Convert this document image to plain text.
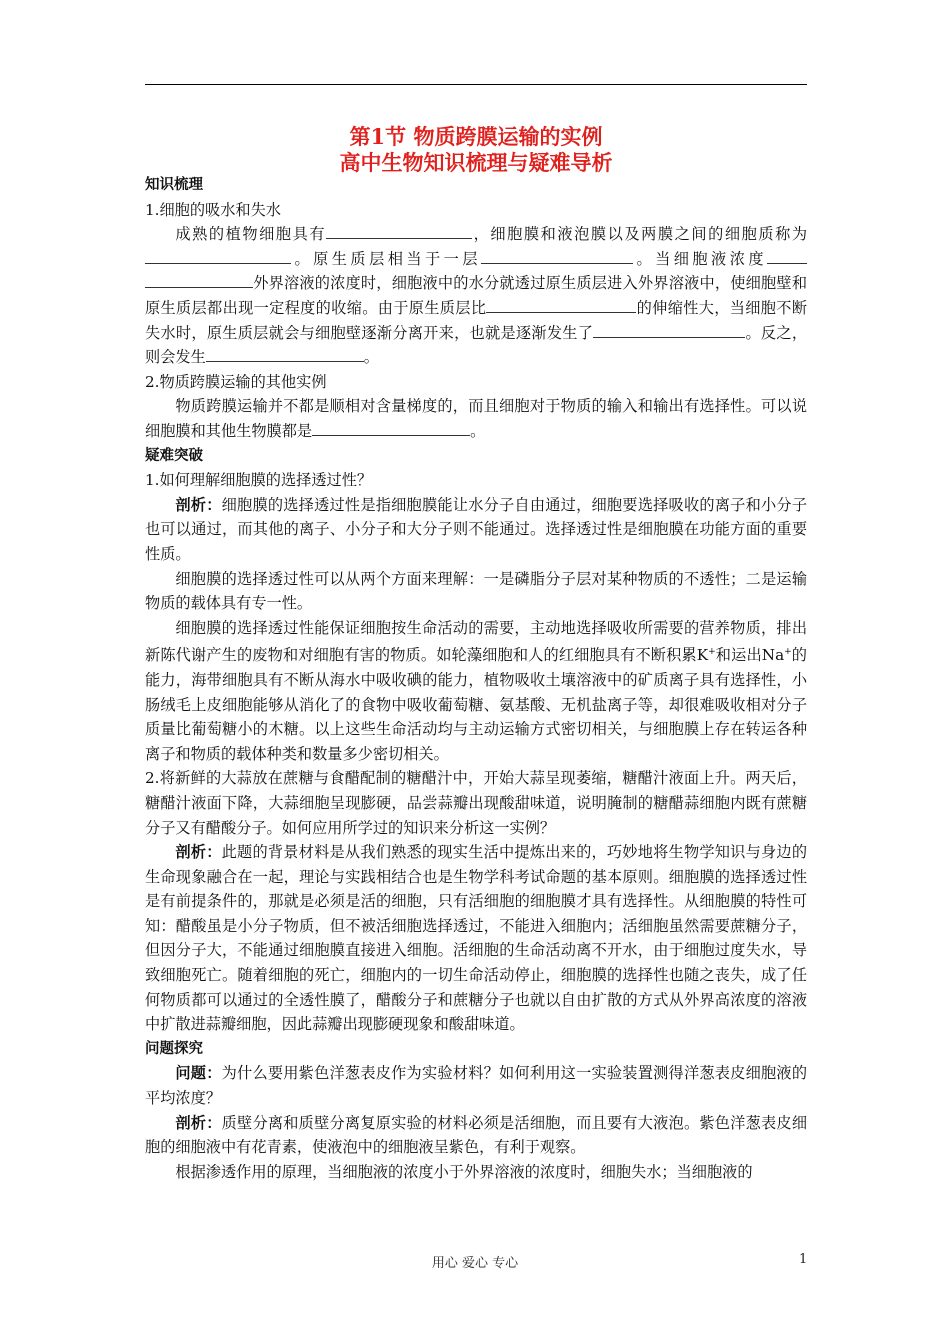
第1节 物质跨膜运输的实例
高中生物知识梳理与疑难导析

知识梳理

1.细胞的吸水和失水

成熟的植物细胞具有	，细胞膜和液泡膜以及两膜之间的细胞质称为。原生质层相当于一层	。当细胞液浓度外界溶液的浓度时，细胞液中的水分就透过原生质层进入外界溶液中，使细胞壁和原生质层都出现一定程度的收缩。由于原生质层比	的伸缩性大，当细胞不断失水时，原生质层就会与细胞壁逐渐分离开来，也就是逐渐发生了	。反之，则会发生	。

2.物质跨膜运输的其他实例

物质跨膜运输并不都是顺相对含量梯度的，而且细胞对于物质的输入和输出有选择性。可以说细胞膜和其他生物膜都是	。

疑难突破

1.如何理解细胞膜的选择透过性？

剖析：细胞膜的选择透过性是指细胞膜能让水分子自由通过，细胞要选择吸收的离子和小分子也可以通过，而其他的离子、小分子和大分子则不能通过。选择透过性是细胞膜在功能方面的重要性质。

细胞膜的选择透过性可以从两个方面来理解：一是磷脂分子层对某种物质的不透性；二是运输物质的载体具有专一性。

细胞膜的选择透过性能保证细胞按生命活动的需要，主动地选择吸收所需要的营养物质，排出新陈代谢产生的废物和对细胞有害的物质。如轮藻细胞和人的红细胞具有不断积累K+和运出Na+的能力，海带细胞具有不断从海水中吸收碘的能力，植物吸收土壤溶液中的矿质离子具有选择性，小肠绒毛上皮细胞能够从消化了的食物中吸收葡萄糖、氨基酸、无机盐离子等，却很难吸收相对分子质量比葡萄糖小的木糖。以上这些生命活动均与主动运输方式密切相关，与细胞膜上存在转运各种离子和物质的载体种类和数量多少密切相关。

2.将新鲜的大蒜放在蔗糖与食醋配制的糖醋汁中，开始大蒜呈现萎缩，糖醋汁液面上升。两天后，糖醋汁液面下降，大蒜细胞呈现膨硬，品尝蒜瓣出现酸甜味道，说明腌制的糖醋蒜细胞内既有蔗糖分子又有醋酸分子。如何应用所学过的知识来分析这一实例？

剖析：此题的背景材料是从我们熟悉的现实生活中提炼出来的，巧妙地将生物学知识与身边的生命现象融合在一起，理论与实践相结合也是生物学科考试命题的基本原则。细胞膜的选择透过性是有前提条件的，那就是必须是活的细胞，只有活细胞的细胞膜才具有选择性。从细胞膜的特性可知：醋酸虽是小分子物质，但不被活细胞选择透过，不能进入细胞内；活细胞虽然需要蔗糖分子，但因分子大，不能通过细胞膜直接进入细胞。活细胞的生命活动离不开水，由于细胞过度失水，导致细胞死亡。随着细胞的死亡，细胞内的一切生命活动停止，细胞膜的选择性也随之丧失，成了任何物质都可以通过的全透性膜了，醋酸分子和蔗糖分子也就以自由扩散的方式从外界高浓度的溶液中扩散进蒜瓣细胞，因此蒜瓣出现膨硬现象和酸甜味道。

问题探究

问题：为什么要用紫色洋葱表皮作为实验材料？如何利用这一实验装置测得洋葱表皮细胞液的平均浓度？

剖析：质壁分离和质壁分离复原实验的材料必须是活细胞，而且要有大液泡。紫色洋葱表皮细胞的细胞液中有花青素，使液泡中的细胞液呈紫色，有利于观察。

根据渗透作用的原理，当细胞液的浓度小于外界溶液的浓度时，细胞失水；当细胞液的

用心 爱心 专心	1
